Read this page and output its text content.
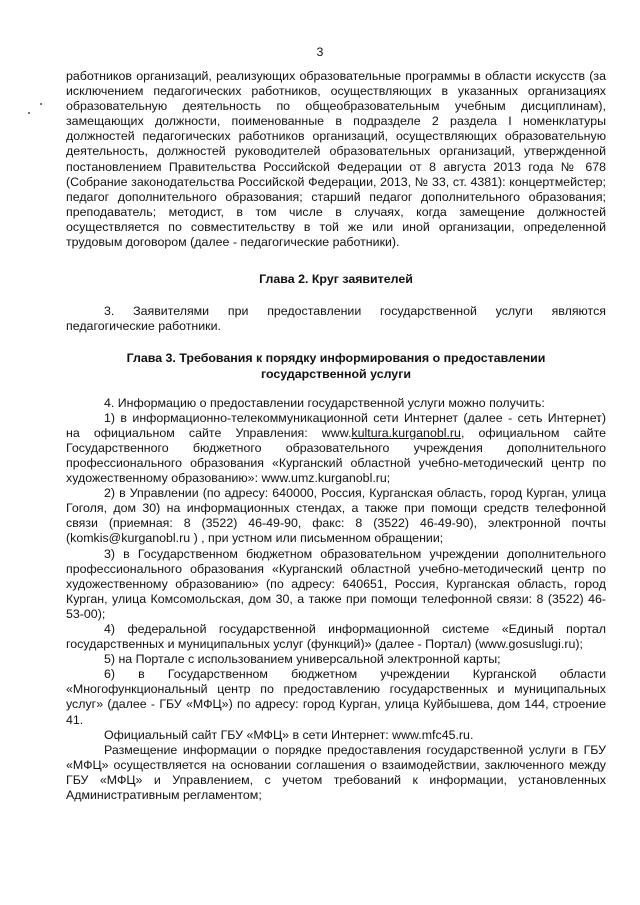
3

работников организаций, реализующих образовательные программы в области искусств (за исключением педагогических работников, осуществляющих в указанных организациях образовательную деятельность по общеобразовательным учебным дисциплинам), замещающих должности, поименованные в подразделе 2 раздела I номенклатуры должностей педагогических работников организаций, осуществляющих образовательную деятельность, должностей руководителей образовательных организаций, утвержденной постановлением Правительства Российской Федерации от 8 августа 2013 года № 678 (Собрание законодательства Российской Федерации, 2013, № 33, ст. 4381): концертмейстер; педагог дополнительного образования; старший педагог дополнительного образования; преподаватель; методист, в том числе в случаях, когда замещение должностей осуществляется по совместительству в той же или иной организации, определенной трудовым договором (далее - педагогические работники).

Глава 2. Круг заявителей

3. Заявителями при предоставлении государственной услуги являются педагогические работники.

Глава 3. Требования к порядку информирования о предоставлении
государственной услуги

4. Информацию о предоставлении государственной услуги можно получить:

1) в информационно-телекоммуникационной сети Интернет (далее - сеть Интернет) на официальном сайте Управления: www.kultura.kurganobl.ru, официальном сайте Государственного бюджетного образовательного учреждения дополнительного профессионального образования «Курганский областной учебно-методический центр по художественному образованию»: www.umz.kurganobl.ru;

2) в Управлении (по адресу: 640000, Россия, Курганская область, город Курган, улица Гоголя, дом 30) на информационных стендах, а также при помощи средств телефонной связи (приемная: 8 (3522) 46-49-90, факс: 8 (3522) 46-49-90), электронной почты (komkis@kurganobl.ru ) , при устном или письменном обращении;

3) в Государственном бюджетном образовательном учреждении дополнительного профессионального образования «Курганский областной учебно-методический центр по художественному образованию» (по адресу: 640651, Россия, Курганская область, город Курган, улица Комсомольская, дом 30, а также при помощи телефонной связи: 8 (3522) 46-53-00);

4) федеральной государственной информационной системе «Единый портал государственных и муниципальных услуг (функций)» (далее - Портал) (www.gosuslugi.ru);

5) на Портале с использованием универсальной электронной карты;

6) в Государственном бюджетном учреждении Курганской области «Многофункциональный центр по предоставлению государственных и муниципальных услуг» (далее - ГБУ «МФЦ») по адресу: город Курган, улица Куйбышева, дом 144, строение 41.

Официальный сайт ГБУ «МФЦ» в сети Интернет: www.mfc45.ru.

Размещение информации о порядке предоставления государственной услуги в ГБУ «МФЦ» осуществляется на основании соглашения о взаимодействии, заключенного между ГБУ «МФЦ» и Управлением, с учетом требований к информации, установленных Административным регламентом;
